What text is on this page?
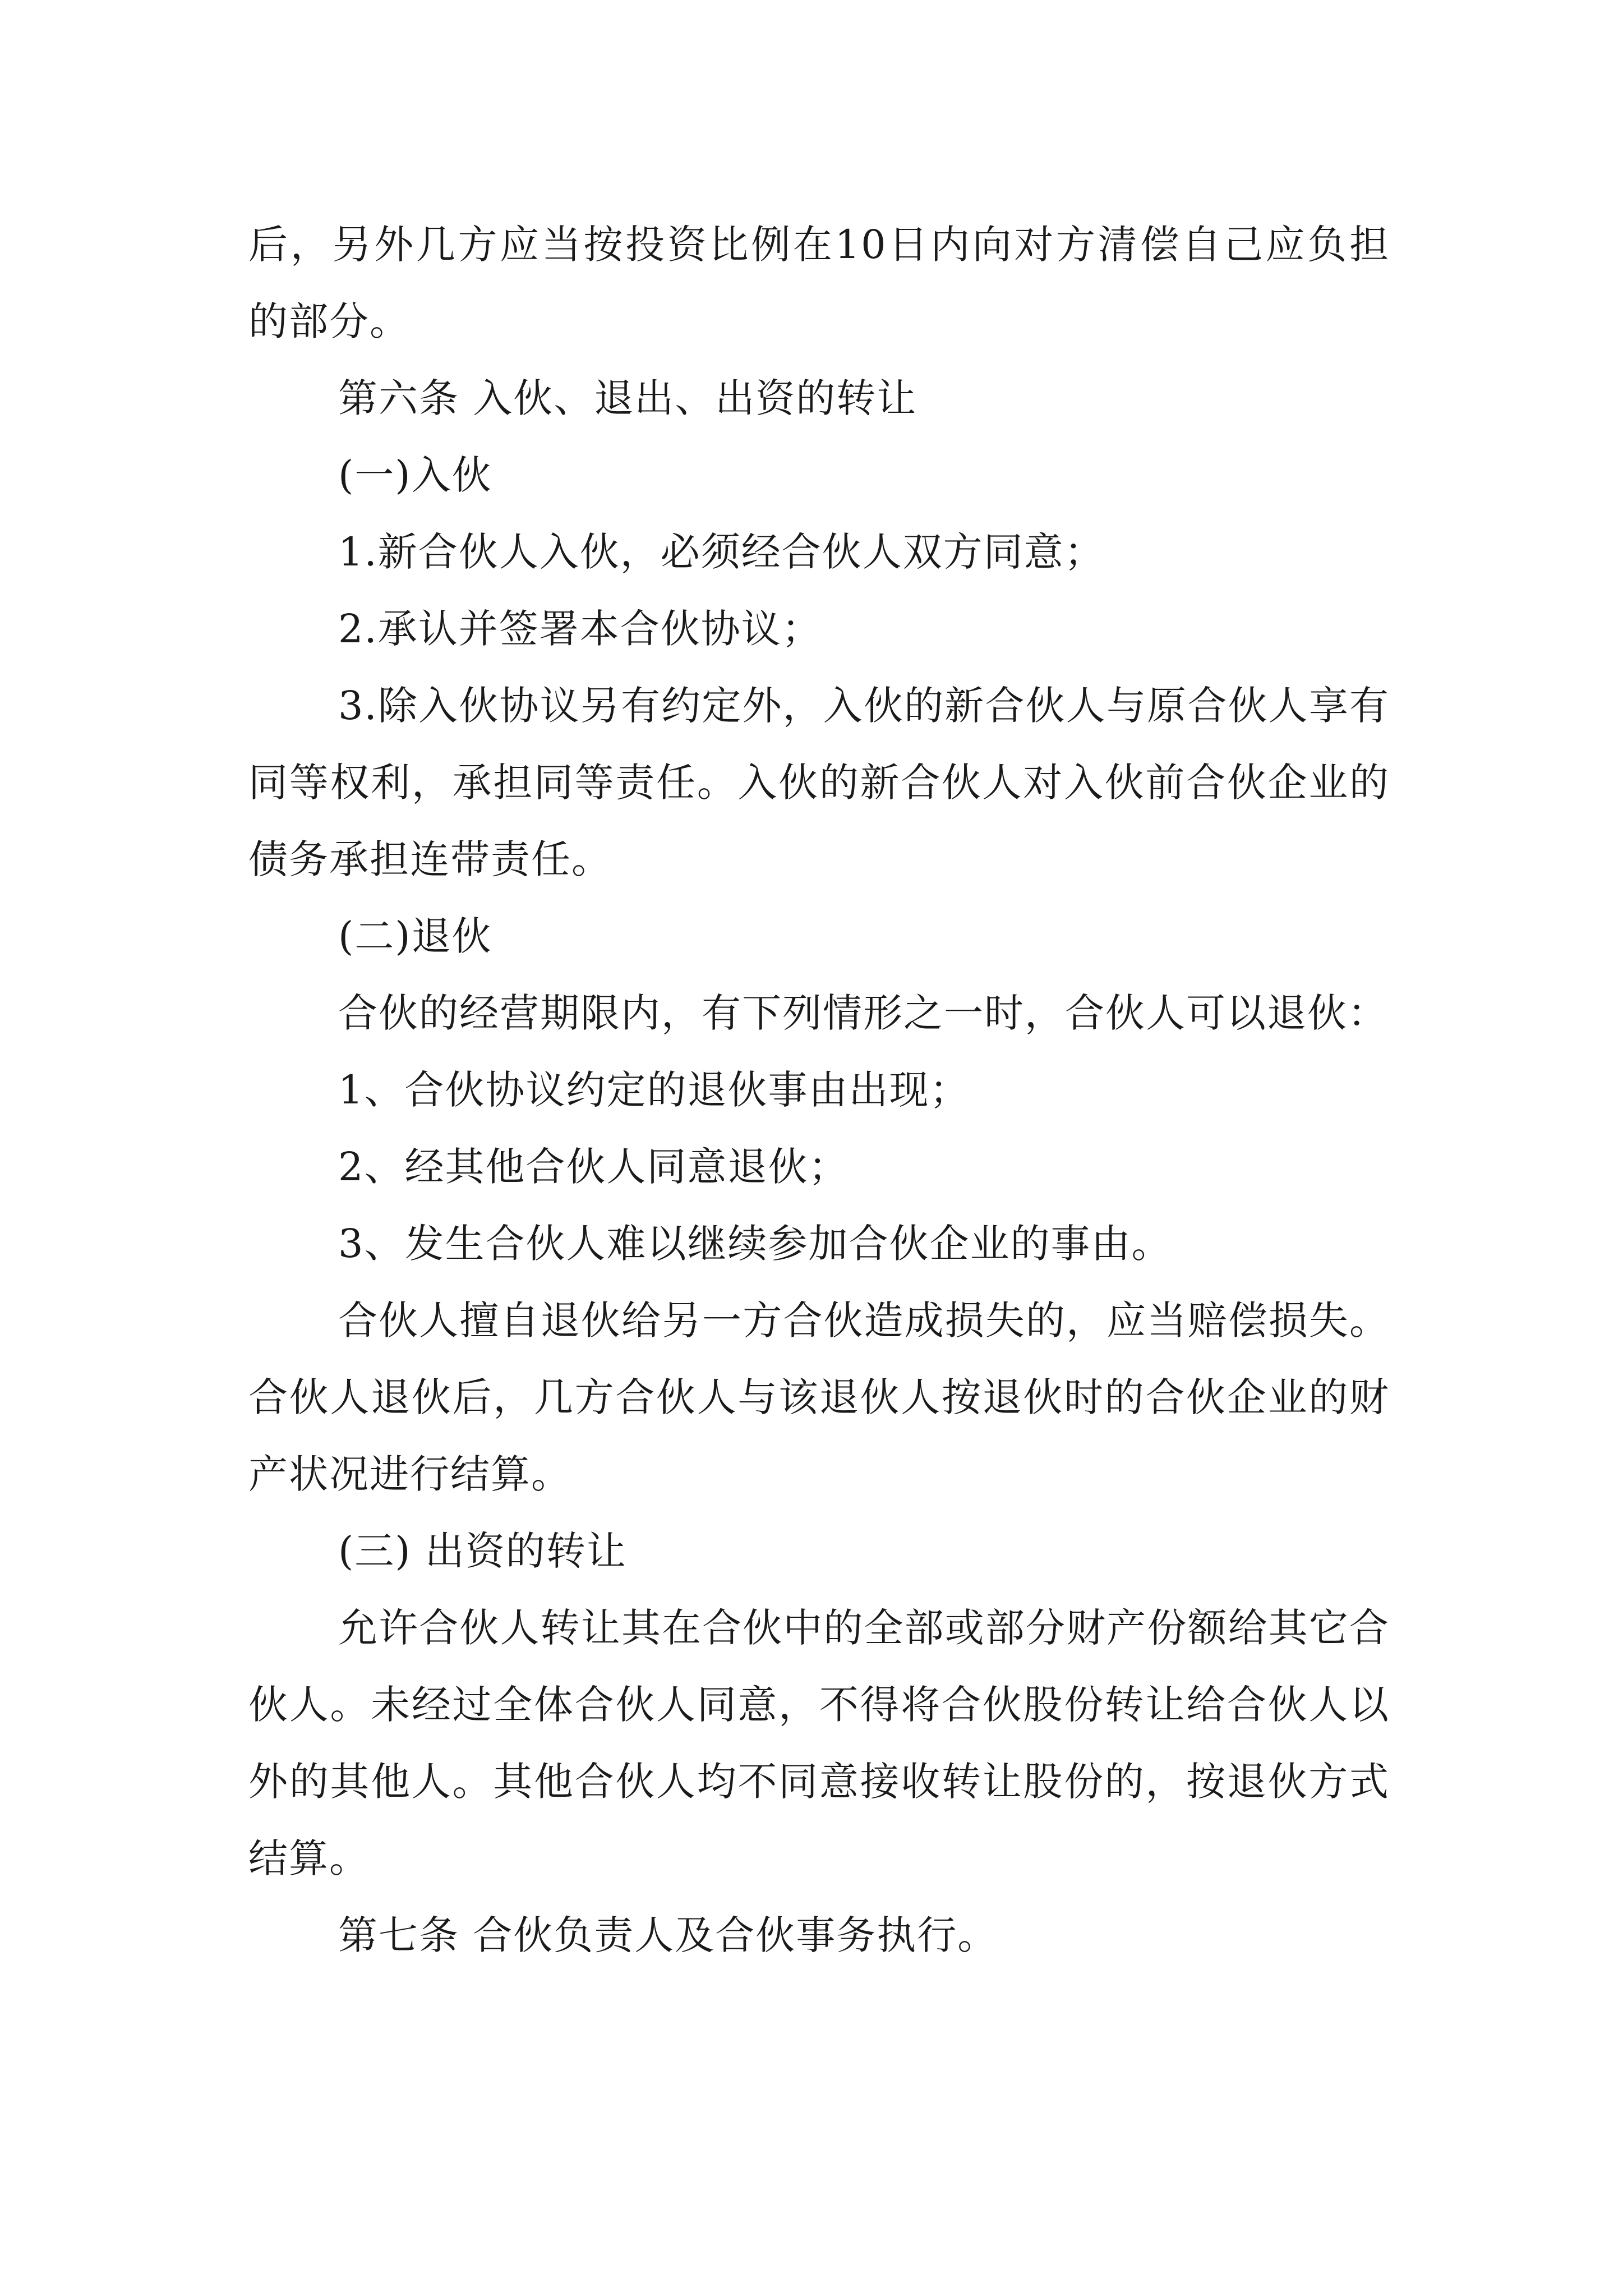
后，另外几方应当按投资比例在10日内向对方清偿自己应负担的部分。

第六条 入伙、退出、出资的转让

(一)入伙

1.新合伙人入伙，必须经合伙人双方同意；

2.承认并签署本合伙协议；

3.除入伙协议另有约定外，入伙的新合伙人与原合伙人享有同等权利，承担同等责任。入伙的新合伙人对入伙前合伙企业的债务承担连带责任。

(二)退伙

合伙的经营期限内，有下列情形之一时，合伙人可以退伙：

1、合伙协议约定的退伙事由出现；

2、经其他合伙人同意退伙；

3、发生合伙人难以继续参加合伙企业的事由。

合伙人擅自退伙给另一方合伙造成损失的，应当赔偿损失。合伙人退伙后，几方合伙人与该退伙人按退伙时的合伙企业的财产状况进行结算。

(三) 出资的转让

允许合伙人转让其在合伙中的全部或部分财产份额给其它合伙人。未经过全体合伙人同意，不得将合伙股份转让给合伙人以外的其他人。其他合伙人均不同意接收转让股份的，按退伙方式结算。

第七条 合伙负责人及合伙事务执行。
